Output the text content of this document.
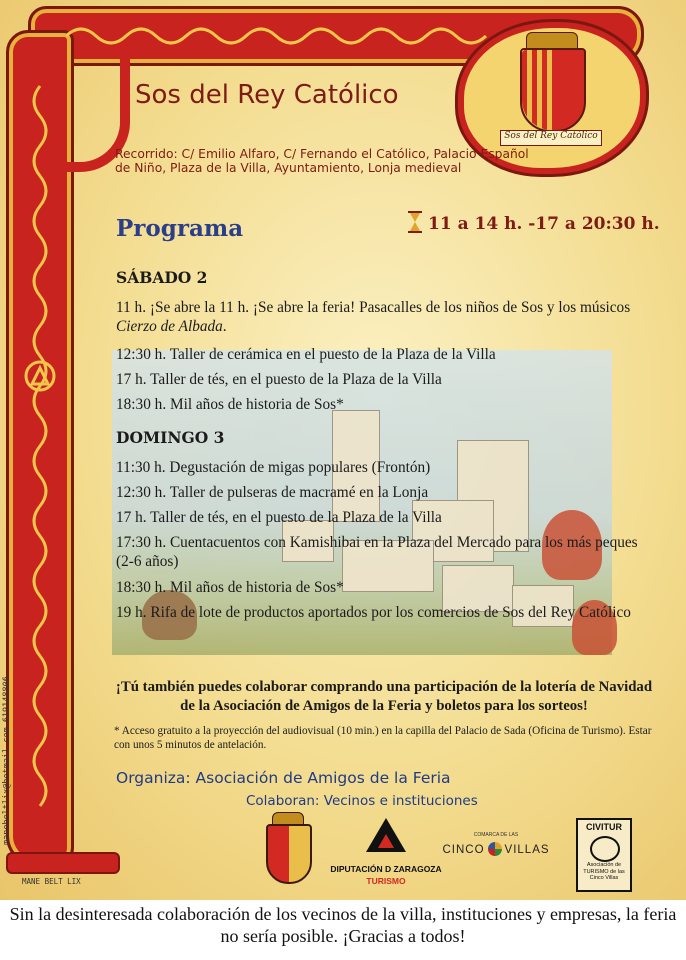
Sos del Rey Católico
Sos del Rey Católico
Recorrido: C/ Emilio Alfaro, C/ Fernando el Católico, Palacio Español de Niño, Plaza de la Villa, Ayuntamiento, Lonja medieval
Programa	11 a 14 h. -17 a 20:30 h.
SÁBADO 2
11 h. ¡Se abre la 11 h. ¡Se abre la feria! Pasacalles de los niños de Sos y los músicos Cierzo de Albada.
12:30 h. Taller de cerámica en el puesto de la Plaza de la Villa
17 h. Taller de tés, en el puesto de la Plaza de la Villa
18:30 h. Mil años de historia de Sos*
DOMINGO 3
11:30 h. Degustación de migas populares (Frontón)
12:30 h. Taller de pulseras de macramé en la Lonja
17 h. Taller de tés, en el puesto de la Plaza de la Villa
17:30 h. Cuentacuentos con Kamishibai en la Plaza del Mercado para los más peques (2-6 años)
18:30 h. Mil años de historia de Sos*
19 h. Rifa de lote de productos aportados por los comercios de Sos del Rey Católico
¡Tú también puedes colaborar comprando una participación de la lotería de Navidad de la Asociación de Amigos de la Feria y boletos para los sorteos!
* Acceso gratuito a la proyección del audiovisual (10 min.) en la capilla del Palacio de Sada (Oficina de Turismo). Estar con unos 5 minutos de antelación.
Organiza: Asociación de Amigos de la Feria
Colaboran: Vecinos e instituciones
manebeltlix@hotmail.com 619148806
MANE BELT LIX
DIPUTACIÓN D ZARAGOZA
TURISMO
COMARCA DE LAS
CINCO VILLAS
CIVITUR
Asociación de TURISMO de las Cinco Villas
Sin la desinteresada colaboración de los vecinos de la villa, instituciones y empresas, la feria no sería posible. ¡Gracias a todos!
